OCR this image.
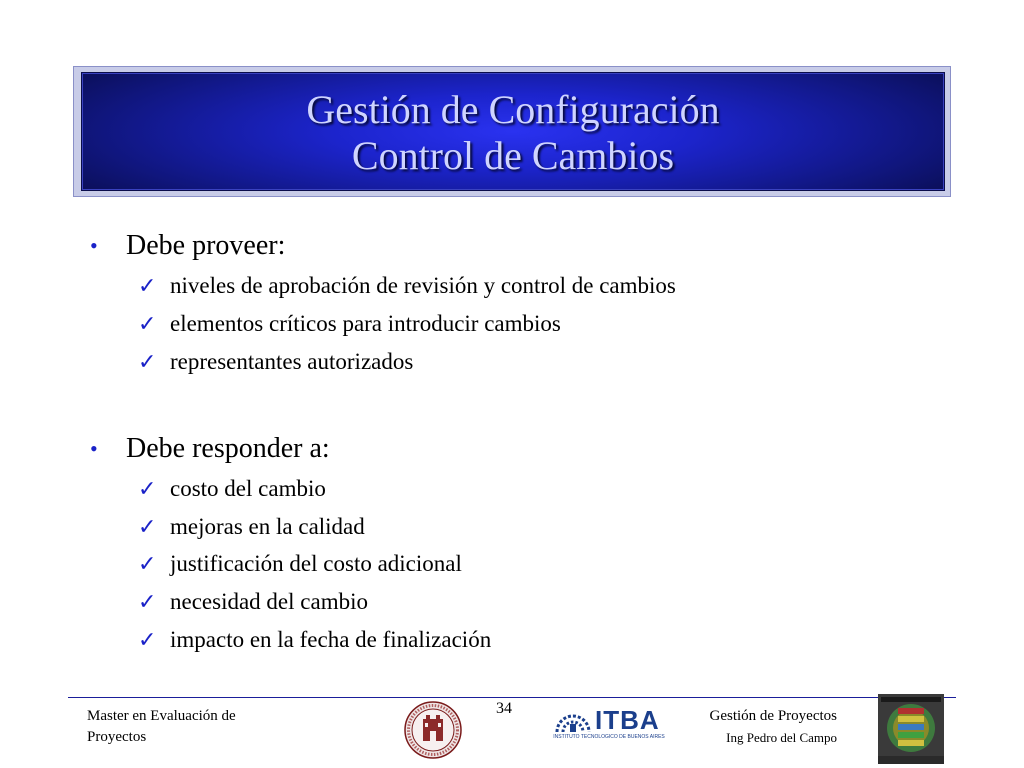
Gestión de Configuración
Control de Cambios
• Debe proveer:
✓ niveles de aprobación de revisión y control de cambios
✓ elementos críticos para introducir cambios
✓ representantes autorizados
• Debe responder a:
✓ costo del cambio
✓ mejoras en la calidad
✓ justificación del costo adicional
✓ necesidad del cambio
✓ impacto en la fecha de finalización
Master en Evaluación de
Proyectos
34	ITBA
INSTITUTO TECNOLOGICO DE BUENOS AIRES
Gestión de Proyectos
Ing Pedro del Campo
